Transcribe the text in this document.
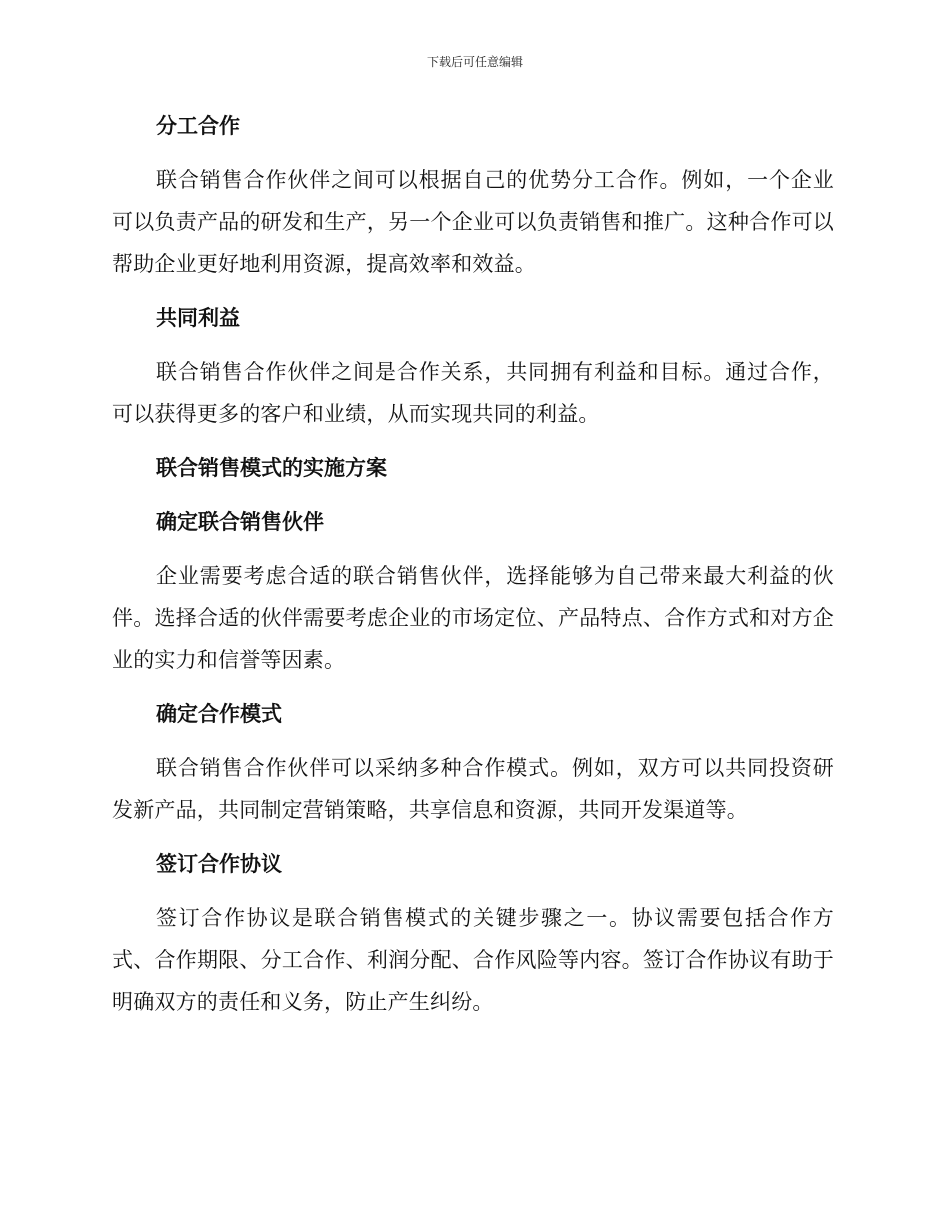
下载后可任意编辑
分工合作

联合销售合作伙伴之间可以根据自己的优势分工合作。例如，一个企业可以负责产品的研发和生产，另一个企业可以负责销售和推广。这种合作可以帮助企业更好地利用资源，提高效率和效益。

共同利益

联合销售合作伙伴之间是合作关系，共同拥有利益和目标。通过合作，可以获得更多的客户和业绩，从而实现共同的利益。

联合销售模式的实施方案
确定联合销售伙伴

企业需要考虑合适的联合销售伙伴，选择能够为自己带来最大利益的伙伴。选择合适的伙伴需要考虑企业的市场定位、产品特点、合作方式和对方企业的实力和信誉等因素。

确定合作模式

联合销售合作伙伴可以采纳多种合作模式。例如，双方可以共同投资研发新产品，共同制定营销策略，共享信息和资源，共同开发渠道等。

签订合作协议

签订合作协议是联合销售模式的关键步骤之一。协议需要包括合作方式、合作期限、分工合作、利润分配、合作风险等内容。签订合作协议有助于明确双方的责任和义务，防止产生纠纷。
